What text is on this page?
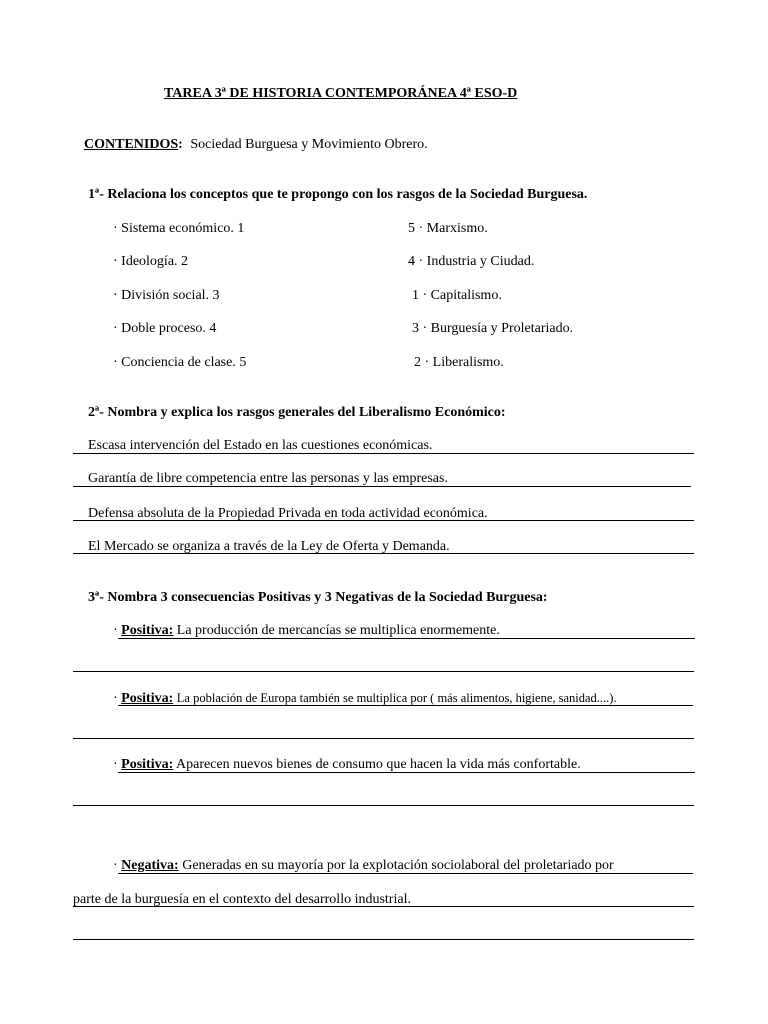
TAREA 3ª DE HISTORIA CONTEMPORÁNEA 4ª ESO-D
CONTENIDOS: Sociedad Burguesa y Movimiento Obrero.
1ª- Relaciona los conceptos que te propongo con los rasgos de la Sociedad Burguesa.
· Sistema económico. 1
· Ideología. 2
· División social. 3
· Doble proceso. 4
· Conciencia de clase. 5
5 · Marxismo.
4 · Industria y Ciudad.
1 · Capitalismo.
3 · Burguesía y Proletariado.
2 · Liberalismo.
2ª- Nombra y explica los rasgos generales del Liberalismo Económico:
Escasa intervención del Estado en las cuestiones económicas.
Garantía de libre competencia entre las personas y las empresas.
Defensa absoluta de la Propiedad Privada en toda actividad económica.
El Mercado se organiza a través de la Ley de Oferta y Demanda.
3ª- Nombra 3 consecuencias Positivas y 3 Negativas de la Sociedad Burguesa:
· Positiva: La producción de mercancías se multiplica enormemente.
· Positiva: La población de Europa también se multiplica por ( más alimentos, higiene, sanidad....).
· Positiva: Aparecen nuevos bienes de consumo que hacen la vida más confortable.
· Negativa: Generadas en su mayoría por la explotación sociolaboral del proletariado por
parte de la burguesía en el contexto del desarrollo industrial.
